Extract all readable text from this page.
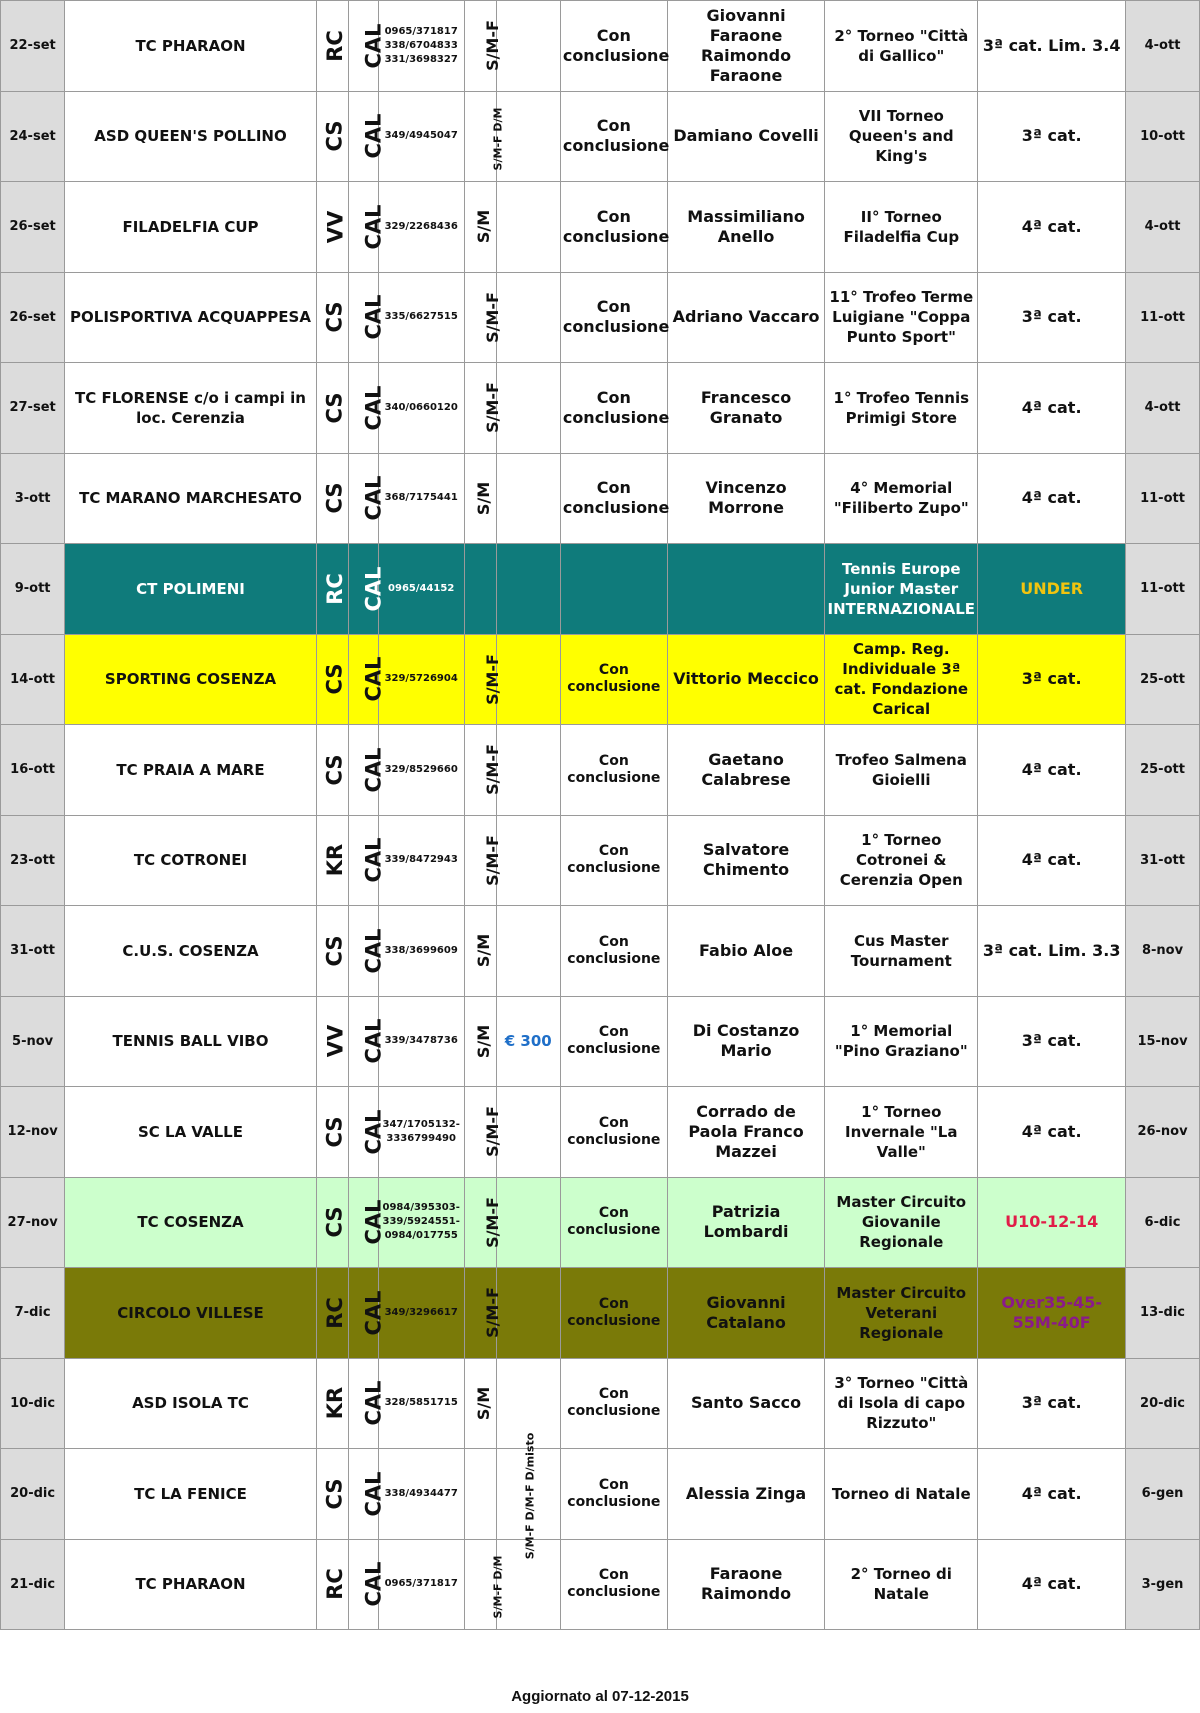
22-set	TC PHARAON	RC	CAL	0965/371817 338/6704833 331/3698327	S/M-F		Con conclusione	Giovanni Faraone Raimondo Faraone	2° Torneo "Città di Gallico"	3ª cat. Lim. 3.4	4-ott
24-set	ASD QUEEN'S POLLINO	CS	CAL	349/4945047	S/M-F D/M		Con conclusione	Damiano Covelli	VII Torneo Queen's and King's	3ª cat.	10-ott
26-set	FILADELFIA CUP	VV	CAL	329/2268436	S/M		Con conclusione	Massimiliano Anello	II° Torneo Filadelfia Cup	4ª cat.	4-ott
26-set	POLISPORTIVA ACQUAPPESA	CS	CAL	335/6627515	S/M-F		Con conclusione	Adriano Vaccaro	11° Trofeo Terme Luigiane "Coppa Punto Sport"	3ª cat.	11-ott
27-set	TC FLORENSE c/o i campi in loc. Cerenzia	CS	CAL	340/0660120	S/M-F		Con conclusione	Francesco Granato	1° Trofeo Tennis Primigi Store	4ª cat.	4-ott
3-ott	TC MARANO MARCHESATO	CS	CAL	368/7175441	S/M		Con conclusione	Vincenzo Morrone	4° Memorial "Filiberto Zupo"	4ª cat.	11-ott
9-ott	CT POLIMENI	RC	CAL	0965/44152					Tennis Europe Junior Master INTERNAZIONALE	UNDER	11-ott
14-ott	SPORTING COSENZA	CS	CAL	329/5726904	S/M-F		Con conclusione	Vittorio Meccico	Camp. Reg. Individuale 3ª cat. Fondazione Carical	3ª cat.	25-ott
16-ott	TC PRAIA A MARE	CS	CAL	329/8529660	S/M-F		Con conclusione	Gaetano Calabrese	Trofeo Salmena Gioielli	4ª cat.	25-ott
23-ott	TC COTRONEI	KR	CAL	339/8472943	S/M-F		Con conclusione	Salvatore Chimento	1° Torneo Cotronei & Cerenzia Open	4ª cat.	31-ott
31-ott	C.U.S. COSENZA	CS	CAL	338/3699609	S/M		Con conclusione	Fabio Aloe	Cus Master Tournament	3ª cat. Lim. 3.3	8-nov
5-nov	TENNIS BALL VIBO	VV	CAL	339/3478736	S/M	€ 300	Con conclusione	Di Costanzo Mario	1° Memorial "Pino Graziano"	3ª cat.	15-nov
12-nov	SC LA VALLE	CS	CAL	347/1705132-3336799490	S/M-F		Con conclusione	Corrado de Paola Franco Mazzei	1° Torneo Invernale "La Valle"	4ª cat.	26-nov
27-nov	TC COSENZA	CS	CAL	0984/395303-339/5924551-0984/017755	S/M-F		Con conclusione	Patrizia Lombardi	Master Circuito Giovanile Regionale	U10-12-14	6-dic
7-dic	CIRCOLO VILLESE	RC	CAL	349/3296617	S/M-F		Con conclusione	Giovanni Catalano	Master Circuito Veterani Regionale	Over35-45-55M-40F	13-dic
10-dic	ASD ISOLA TC	KR	CAL	328/5851715	S/M		Con conclusione	Santo Sacco	3° Torneo "Città di Isola di capo Rizzuto"	3ª cat.	20-dic
20-dic	TC LA FENICE	CS	CAL	338/4934477	S/M-F D/M-F D/misto		Con conclusione	Alessia Zinga	Torneo di Natale	4ª cat.	6-gen
21-dic	TC PHARAON	RC	CAL	0965/371817	S/M-F D/M		Con conclusione	Faraone Raimondo	2° Torneo di Natale	4ª cat.	3-gen
Aggiornato al 07-12-2015
